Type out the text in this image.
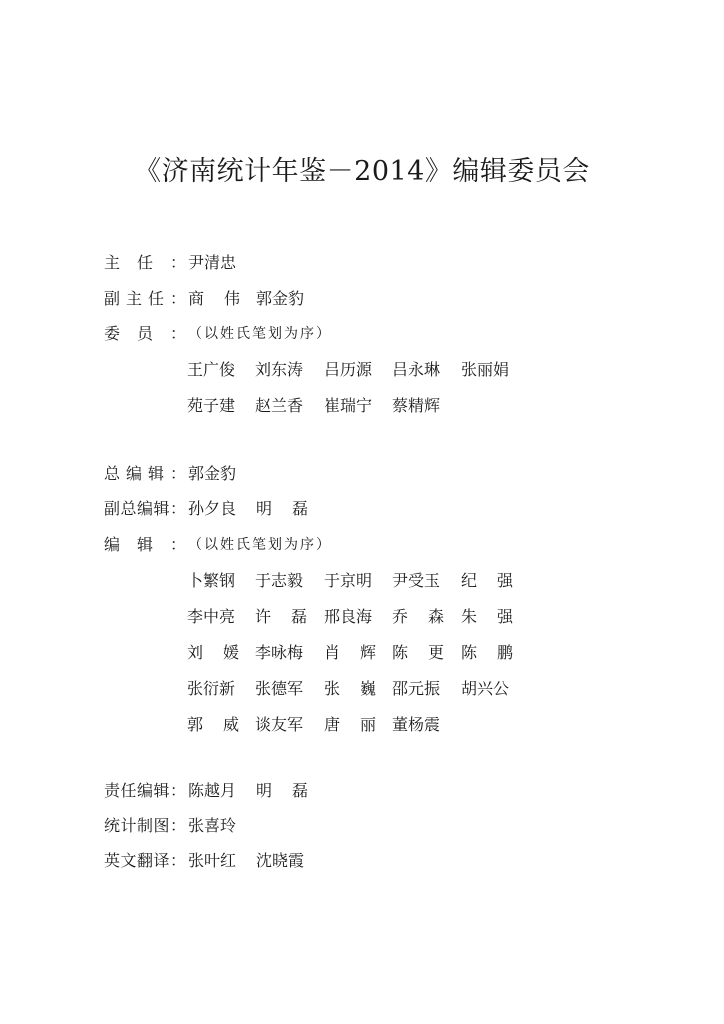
《济南统计年鉴－2014》编辑委员会
主 任 ： 尹 清 忠
副 主 任 ： 商 伟 郭 金 豹
委 员 ： （以姓氏笔划为序）
王 广 俊 刘 东 涛 吕 历 源 吕 永 琳 张 丽 娟
苑 子 建 赵 兰 香 崔 瑞 宁 蔡 精 辉
总 编 辑 ： 郭 金 豹
副 总 编 辑 ： 孙 夕 良 明 磊
编 辑 ： （以姓氏笔划为序）
卜 繁 钢 于 志 毅 于 京 明 尹 受 玉 纪 强
李 中 亮 许 磊 邢 良 海 乔 森 朱 强
刘 媛 李 咏 梅 肖 辉 陈 更 陈 鹏
张 衍 新 张 德 军 张 巍 邵 元 振 胡 兴 公
郭 威 谈 友 军 唐 丽 董 杨 震
责 任 编 辑 ： 陈 越 月 明 磊
统 计 制 图 ： 张 喜 玲
英 文 翻 译 ： 张 叶 红 沈 晓 霞
